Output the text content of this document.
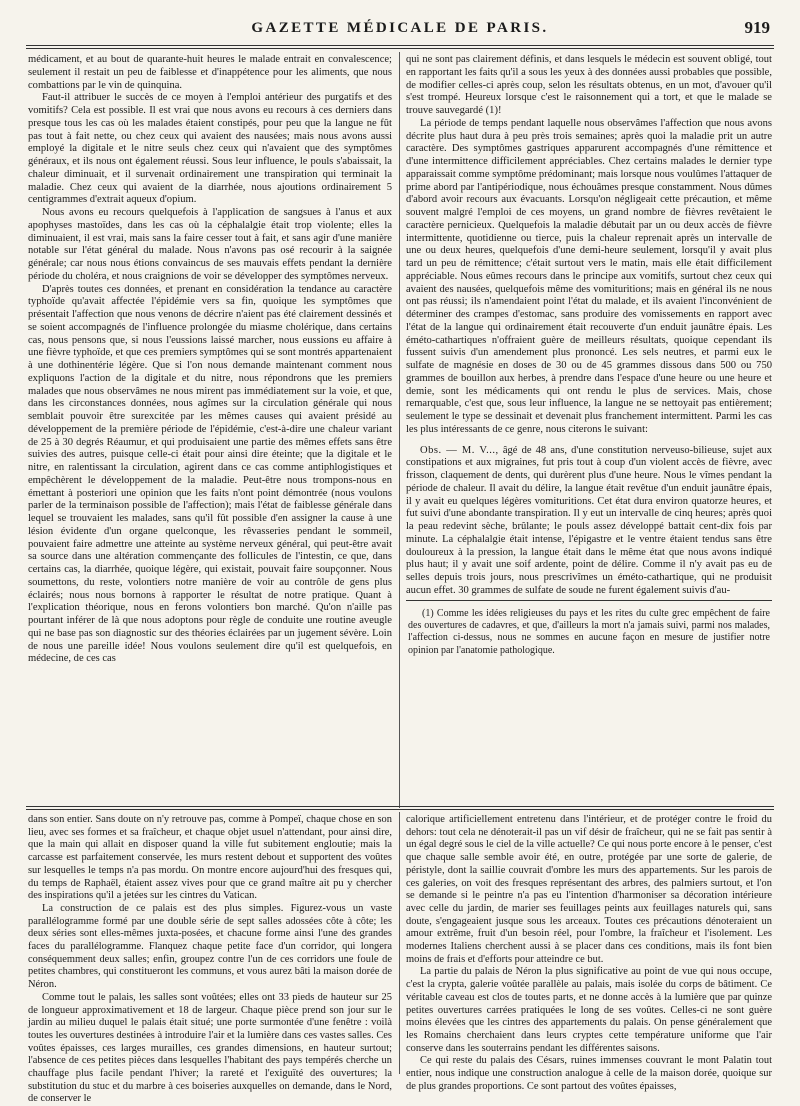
GAZETTE MÉDICALE DE PARIS.	919

médicament, et au bout de quarante-huit heures le malade entrait en convalescence; seulement il restait un peu de faiblesse et d'inappétence pour les aliments, que nous combattions par le vin de quinquina.

Faut-il attribuer le succès de ce moyen à l'emploi antérieur des purgatifs et des vomitifs? Cela est possible. Il est vrai que nous avons eu recours à ces derniers dans presque tous les cas où les malades étaient constipés, pour peu que la langue ne fût pas tout à fait nette, ou chez ceux qui avaient des nausées; mais nous avons aussi employé la digitale et le nitre seuls chez ceux qui n'avaient que des symptômes généraux, et ils nous ont également réussi. Sous leur influence, le pouls s'abaissait, la chaleur diminuait, et il survenait ordinairement une transpiration qui terminait la maladie. Chez ceux qui avaient de la diarrhée, nous ajoutions ordinairement 5 centigrammes d'extrait aqueux d'opium.

Nous avons eu recours quelquefois à l'application de sangsues à l'anus et aux apophyses mastoïdes, dans les cas où la céphalalgie était trop violente; elles la diminuaient, il est vrai, mais sans la faire cesser tout à fait, et sans agir d'une manière notable sur l'état général du malade. Nous n'avons pas osé recourir à la saignée générale; car nous nous étions convaincus de ses mauvais effets pendant la dernière période du choléra, et nous craignions de voir se développer des symptômes nerveux.

D'après toutes ces données, et prenant en considération la tendance au caractère typhoïde qu'avait affectée l'épidémie vers sa fin, quoique les symptômes que présentait l'affection que nous venons de décrire n'aient pas été clairement dessinés et se soient accompagnés de l'influence prolongée du miasme cholérique, dans certains cas, nous pensons que, si nous l'eussions laissé marcher, nous eussions eu affaire à une fièvre typhoïde, et que ces premiers symptômes qui se sont montrés appartenaient à une dothinentérie légère. Que si l'on nous demande maintenant comment nous expliquons l'action de la digitale et du nitre, nous répondrons que les premiers malades que nous observâmes ne nous mirent pas immédiatement sur la voie, et que, dans les circonstances données, nous agîmes sur la circulation générale qui nous semblait pouvoir être surexcitée par les mêmes causes qui avaient présidé au développement de la première période de l'épidémie, c'est-à-dire une chaleur variant de 25 à 30 degrés Réaumur, et qui produisaient une partie des mêmes effets sans être suivies des autres, puisque celle-ci était pour ainsi dire éteinte; que la digitale et le nitre, en ralentissant la circulation, agirent dans ce cas comme antiphlogistiques et empêchèrent le développement de la maladie. Peut-être nous trompons-nous en émettant à posteriori une opinion que les faits n'ont point démontrée (nous voulons parler de la terminaison possible de l'affection); mais l'état de faiblesse générale dans lequel se trouvaient les malades, sans qu'il fût possible d'en assigner la cause à une lésion évidente d'un organe quelconque, les rêvasseries pendant le sommeil, pouvaient faire admettre une atteinte au système nerveux général, qui peut-être avait sa source dans une altération commençante des follicules de l'intestin, ce que, dans certains cas, la diarrhée, quoique légère, qui existait, pouvait faire soupçonner. Nous soumettons, du reste, volontiers notre manière de voir au contrôle de gens plus éclairés; nous nous bornons à rapporter le résultat de notre pratique. Quant à l'explication théorique, nous en ferons volontiers bon marché. Qu'on n'aille pas pourtant inférer de là que nous adoptons pour règle de conduite une routine aveugle qui ne base pas son diagnostic sur des théories éclairées par un jugement sévère. Loin de nous une pareille idée! Nous voulons seulement dire qu'il est quelquefois, en médecine, de ces cas

qui ne sont pas clairement définis, et dans lesquels le médecin est souvent obligé, tout en rapportant les faits qu'il a sous les yeux à des données aussi probables que possible, de modifier celles-ci après coup, selon les résultats obtenus, en un mot, d'avouer qu'il s'est trompé. Heureux lorsque c'est le raisonnement qui a tort, et que le malade se trouve sauvegardé (1)!

La période de temps pendant laquelle nous observâmes l'affection que nous avons décrite plus haut dura à peu près trois semaines; après quoi la maladie prit un autre caractère. Des symptômes gastriques apparurent accompagnés d'une rémittence et d'une intermittence difficilement appréciables. Chez certains malades le dernier type apparaissait comme symptôme prédominant; mais lorsque nous voulûmes l'attaquer de prime abord par l'antipériodique, nous échouâmes presque constamment. Nous dûmes d'abord avoir recours aux évacuants. Lorsqu'on négligeait cette précaution, et même souvent malgré l'emploi de ces moyens, un grand nombre de fièvres revêtaient le caractère pernicieux. Quelquefois la maladie débutait par un ou deux accès de fièvre intermittente, quotidienne ou tierce, puis la chaleur reprenait après un intervalle de une ou deux heures, quelquefois d'une demi-heure seulement, lorsqu'il y avait plus tard un peu de rémittence; c'était surtout vers le matin, mais elle était difficilement appréciable. Nous eûmes recours dans le principe aux vomitifs, surtout chez ceux qui avaient des nausées, quelquefois même des vomituritions; mais en général ils ne nous ont pas réussi; ils n'amendaient point l'état du malade, et ils avaient l'inconvénient de déterminer des crampes d'estomac, sans produire des vomissements en rapport avec l'état de la langue qui ordinairement était recouverte d'un enduit jaunâtre épais. Les éméto-cathartiques n'offraient guère de meilleurs résultats, quoique cependant ils fussent suivis d'un amendement plus prononcé. Les sels neutres, et parmi eux le sulfate de magnésie en doses de 30 ou de 45 grammes dissous dans 500 ou 750 grammes de bouillon aux herbes, à prendre dans l'espace d'une heure ou une heure et demie, sont les médicaments qui ont rendu le plus de services. Mais, chose remarquable, c'est que, sous leur influence, la langue ne se nettoyait pas entièrement; seulement le type se dessinait et devenait plus franchement intermittent. Parmi les cas les plus intéressants de ce genre, nous citerons le suivant:

Obs. — M. V..., âgé de 48 ans, d'une constitution nerveuso-bilieuse, sujet aux constipations et aux migraines, fut pris tout à coup d'un violent accès de fièvre, avec frisson, claquement de dents, qui durèrent plus d'une heure. Nous le vîmes pendant la période de chaleur. Il avait du délire, la langue était revêtue d'un enduit jaunâtre épais, il y avait eu quelques légères vomituritions. Cet état dura environ quatorze heures, et fut suivi d'une abondante transpiration. Il y eut un intervalle de cinq heures; après quoi la peau redevint sèche, brûlante; le pouls assez développé battait cent-dix fois par minute. La céphalalgie était intense, l'épigastre et le ventre étaient tendus sans être douloureux à la pression, la langue était dans le même état que nous avons indiqué plus haut; il y avait une soif ardente, point de délire. Comme il n'y avait pas eu de selles depuis trois jours, nous prescrivîmes un éméto-cathartique, qui ne produisit aucun effet. 30 grammes de sulfate de soude ne furent également suivis d'au-

(1) Comme les idées religieuses du pays et les rites du culte grec empêchent de faire des ouvertures de cadavres, et que, d'ailleurs la mort n'a jamais suivi, parmi nos malades, l'affection ci-dessus, nous ne sommes en aucune façon en mesure de justifier notre opinion par l'anatomie pathologique.

dans son entier. Sans doute on n'y retrouve pas, comme à Pompeï, chaque chose en son lieu, avec ses formes et sa fraîcheur, et chaque objet usuel n'attendant, pour ainsi dire, que la main qui allait en disposer quand la ville fut subitement engloutie; mais la carcasse est parfaitement conservée, les murs restent debout et supportent des voûtes sur lesquelles le temps n'a pas mordu. On montre encore aujourd'hui des fresques qui, du temps de Raphaël, étaient assez vives pour que ce grand maître ait pu y chercher des inspirations qu'il a jetées sur les cintres du Vatican.

La construction de ce palais est des plus simples. Figurez-vous un vaste parallélogramme formé par une double série de sept salles adossées côte à côte; les deux séries sont elles-mêmes juxta-posées, et chacune forme ainsi l'une des grandes faces du parallélogramme. Flanquez chaque petite face d'un corridor, qui longera conséquemment deux salles; enfin, groupez contre l'un de ces corridors une foule de petites chambres, qui constitueront les communs, et vous aurez bâti la maison dorée de Néron.

Comme tout le palais, les salles sont voûtées; elles ont 33 pieds de hauteur sur 25 de longueur approximativement et 18 de largeur. Chaque pièce prend son jour sur le jardin au milieu duquel le palais était situé; une porte surmontée d'une fenêtre : voilà toutes les ouvertures destinées à introduire l'air et la lumière dans ces vastes salles. Ces voûtes épaisses, ces larges murailles, ces grandes dimensions, en hauteur surtout; l'absence de ces petites pièces dans lesquelles l'habitant des pays tempérés cherche un chauffage plus facile pendant l'hiver; la rareté et l'exiguïté des ouvertures; la substitution du stuc et du marbre à ces boiseries auxquelles on demande, dans le Nord, de conserver le

calorique artificiellement entretenu dans l'intérieur, et de protéger contre le froid du dehors: tout cela ne dénoterait-il pas un vif désir de fraîcheur, qui ne se fait pas sentir à un égal degré sous le ciel de la ville actuelle? Ce qui nous porte encore à le penser, c'est que chaque salle semble avoir été, en outre, protégée par une sorte de galerie, de péristyle, dont la saillie couvrait d'ombre les murs des appartements. Sur les parois de ces galeries, on voit des fresques représentant des arbres, des palmiers surtout, et l'on se demande si le peintre n'a pas eu l'intention d'harmoniser sa décoration intérieure avec celle du jardin, de marier ses feuillages peints aux feuillages naturels qui, sans doute, s'engageaient jusque sous les arceaux. Toutes ces précautions dénoteraient un amour extrême, fruit d'un besoin réel, pour l'ombre, la fraîcheur et l'isolement. Les modernes Italiens cherchent aussi à se placer dans ces conditions, mais ils font bien moins de frais et d'efforts pour atteindre ce but.

La partie du palais de Néron la plus significative au point de vue qui nous occupe, c'est la crypta, galerie voûtée parallèle au palais, mais isolée du corps de bâtiment. Ce véritable caveau est clos de toutes parts, et ne donne accès à la lumière que par quinze petites ouvertures carrées pratiquées le long de ses voûtes. Celles-ci ne sont guère moins élevées que les cintres des appartements du palais. On pense généralement que les Romains cherchaient dans leurs cryptes cette température uniforme que l'air conserve dans les souterrains pendant les différentes saisons.

Ce qui reste du palais des Césars, ruines immenses couvrant le mont Palatin tout entier, nous indique une construction analogue à celle de la maison dorée, quoique sur de plus grandes proportions. Ce sont partout des voûtes épaisses,
